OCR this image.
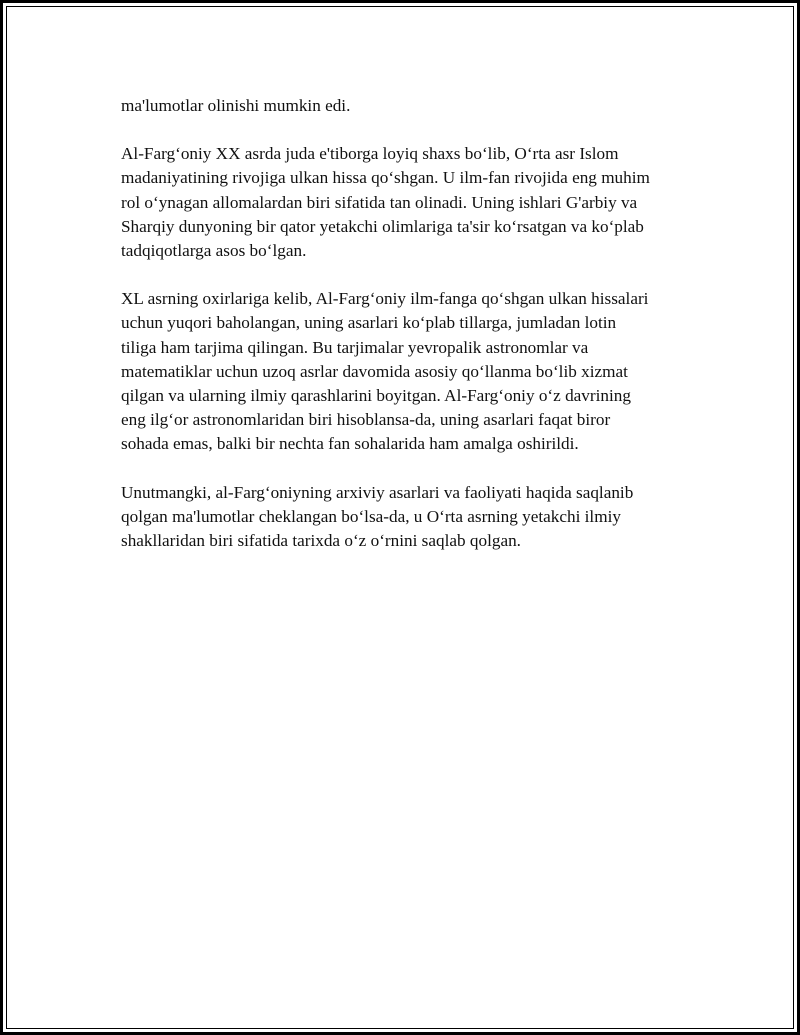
ma'lumotlar olinishi mumkin edi.

Al-Farg‘oniy XX asrda juda e'tiborga loyiq shaxs bo‘lib, O‘rta asr Islom
madaniyatining rivojiga ulkan hissa qo‘shgan. U ilm-fan rivojida eng muhim
rol o‘ynagan allomalardan biri sifatida tan olinadi. Uning ishlari G'arbiy va
Sharqiy dunyoning bir qator yetakchi olimlariga ta'sir ko‘rsatgan va ko‘plab
tadqiqotlarga asos bo‘lgan.

XL asrning oxirlariga kelib, Al-Farg‘oniy ilm-fanga qo‘shgan ulkan hissalari
uchun yuqori baholangan, uning asarlari ko‘plab tillarga, jumladan lotin
tiliga ham tarjima qilingan. Bu tarjimalar yevropalik astronomlar va
matematiklar uchun uzoq asrlar davomida asosiy qo‘llanma bo‘lib xizmat
qilgan va ularning ilmiy qarashlarini boyitgan. Al-Farg‘oniy o‘z davrining
eng ilg‘or astronomlaridan biri hisoblansa-da, uning asarlari faqat biror
sohada emas, balki bir nechta fan sohalarida ham amalga oshirildi.

Unutmangki, al-Farg‘oniyning arxiviy asarlari va faoliyati haqida saqlanib
qolgan ma'lumotlar cheklangan bo‘lsa-da, u O‘rta asrning yetakchi ilmiy
shakllaridan biri sifatida tarixda o‘z o‘rnini saqlab qolgan.
